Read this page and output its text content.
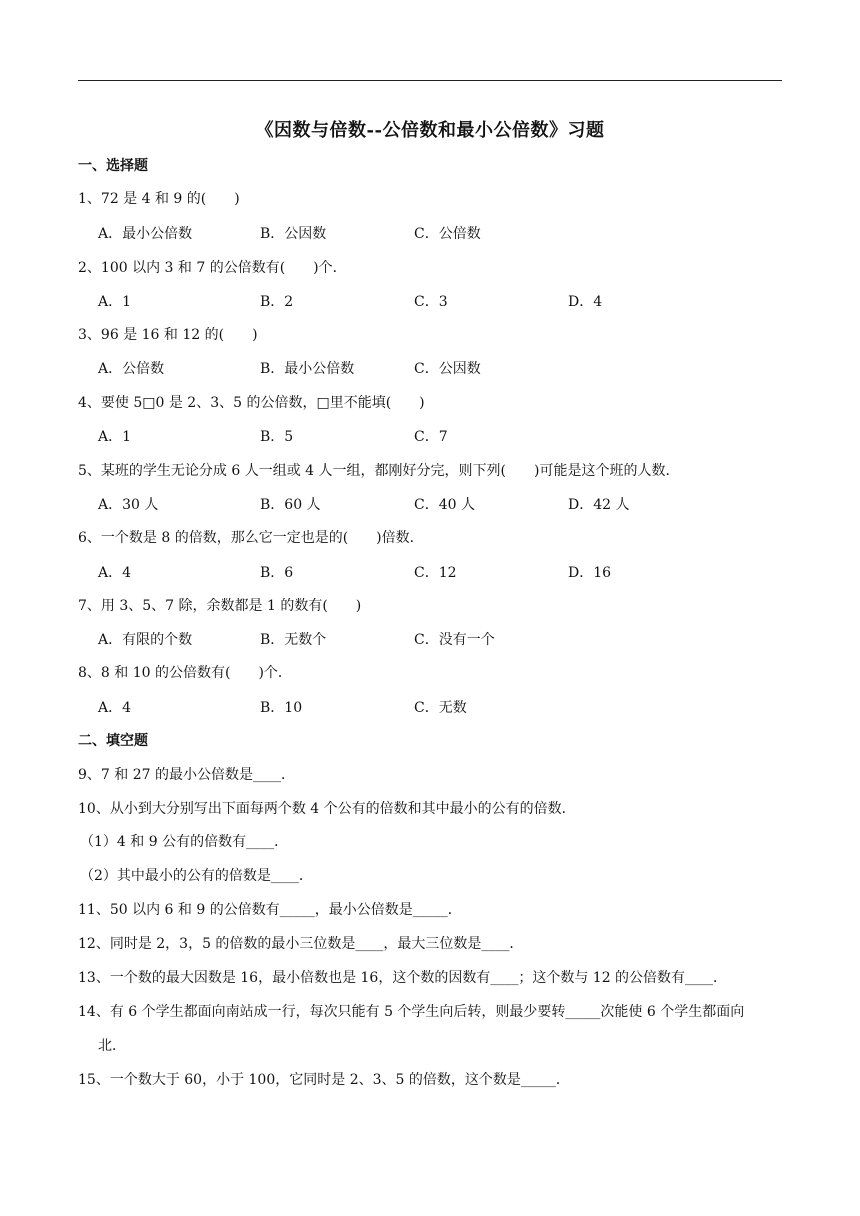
《因数与倍数--公倍数和最小公倍数》习题
一、选择题
1、72 是 4 和 9 的(　　)
A．最小公倍数	B．公因数	C．公倍数
2、100 以内 3 和 7 的公倍数有(　　)个．
A．1	B．2	C．3	D．4
3、96 是 16 和 12 的(　　)
A．公倍数	B．最小公倍数	C．公因数
4、要使 5□0 是 2、3、5 的公倍数，□里不能填(　　)
A．1	B．5	C．7
5、某班的学生无论分成 6 人一组或 4 人一组，都刚好分完，则下列(　　)可能是这个班的人数．
A．30 人	B．60 人	C．40 人	D．42 人
6、一个数是 8 的倍数，那么它一定也是的(　　)倍数．
A．4	B．6	C．12	D．16
7、用 3、5、7 除，余数都是 1 的数有(　　)
A．有限的个数	B．无数个	C．没有一个
8、8 和 10 的公倍数有(　　)个．
A．4	B．10	C．无数
二、填空题
9、7 和 27 的最小公倍数是____．
10、从小到大分别写出下面每两个数 4 个公有的倍数和其中最小的公有的倍数．
（1）4 和 9 公有的倍数有____．
（2）其中最小的公有的倍数是____．
11、50 以内 6 和 9 的公倍数有_____，最小公倍数是_____．
12、同时是 2，3，5 的倍数的最小三位数是____，最大三位数是____．
13、一个数的最大因数是 16，最小倍数也是 16，这个数的因数有____；这个数与 12 的公倍数有____．
14、有 6 个学生都面向南站成一行，每次只能有 5 个学生向后转，则最少要转_____次能使 6 个学生都面向
北．
15、一个数大于 60，小于 100，它同时是 2、3、5 的倍数，这个数是_____．
